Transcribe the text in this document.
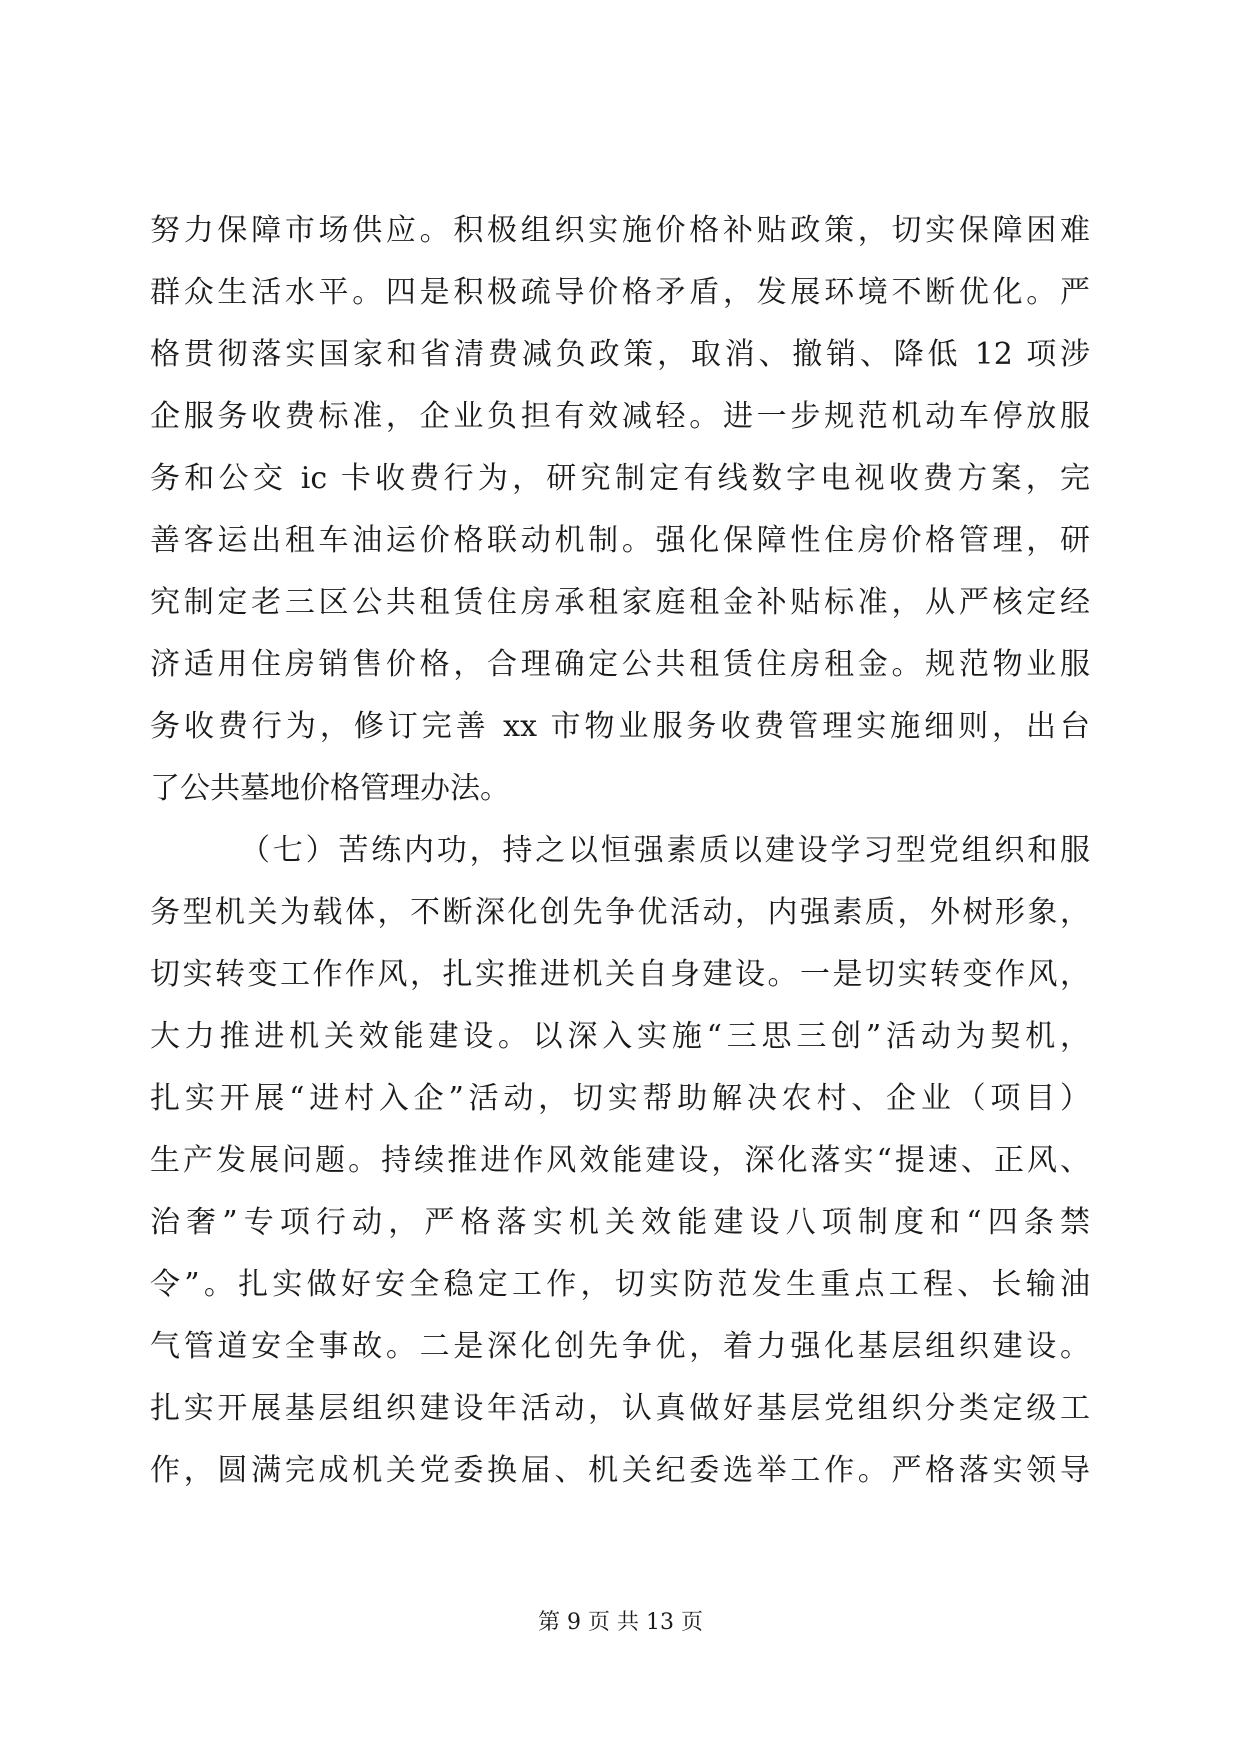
努力保障市场供应。积极组织实施价格补贴政策，切实保障困难
群众生活水平。四是积极疏导价格矛盾，发展环境不断优化。严
格贯彻落实国家和省清费减负政策，取消、撤销、降低 12 项涉
企服务收费标准，企业负担有效减轻。进一步规范机动车停放服
务和公交 ic 卡收费行为，研究制定有线数字电视收费方案，完
善客运出租车油运价格联动机制。强化保障性住房价格管理，研
究制定老三区公共租赁住房承租家庭租金补贴标准，从严核定经
济适用住房销售价格，合理确定公共租赁住房租金。规范物业服
务收费行为，修订完善 xx 市物业服务收费管理实施细则，出台
了公共墓地价格管理办法。
（七）苦练内功，持之以恒强素质以建设学习型党组织和服
务型机关为载体，不断深化创先争优活动，内强素质，外树形象，
切实转变工作作风，扎实推进机关自身建设。一是切实转变作风，
大力推进机关效能建设。以深入实施“三思三创”活动为契机，
扎实开展“进村入企”活动，切实帮助解决农村、企业（项目）
生产发展问题。持续推进作风效能建设，深化落实“提速、正风、
治奢”专项行动，严格落实机关效能建设八项制度和“四条禁
令”。扎实做好安全稳定工作，切实防范发生重点工程、长输油
气管道安全事故。二是深化创先争优，着力强化基层组织建设。
扎实开展基层组织建设年活动，认真做好基层党组织分类定级工
作，圆满完成机关党委换届、机关纪委选举工作。严格落实领导
第 9 页 共 13 页
